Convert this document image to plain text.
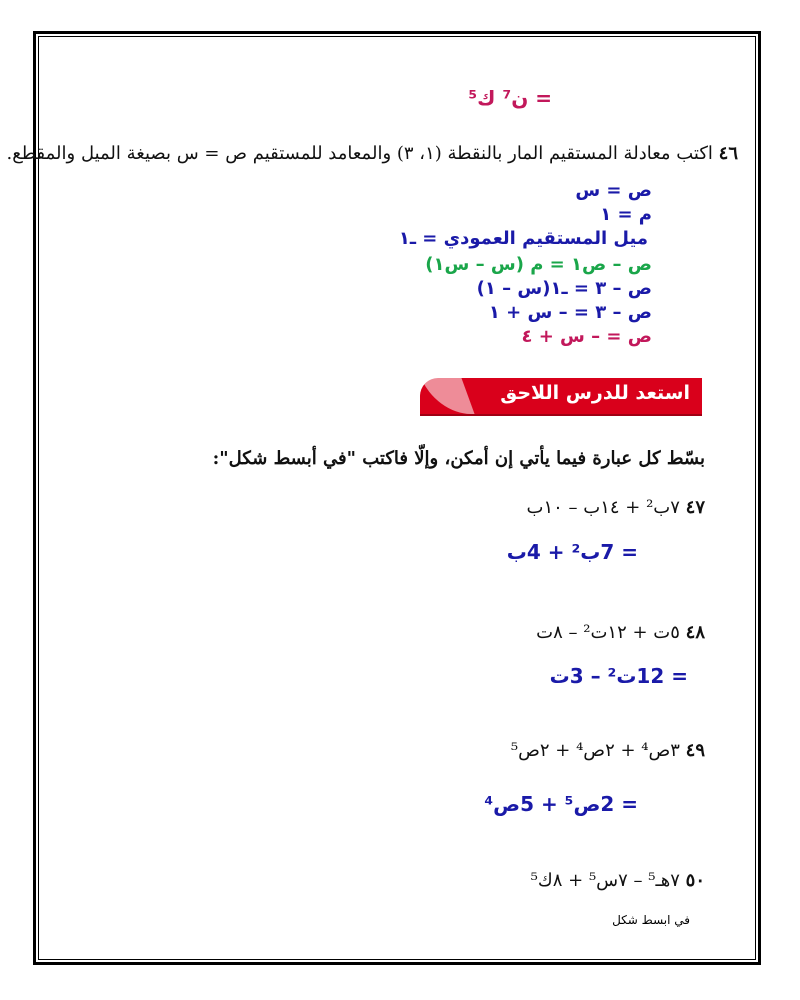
= ن⁷ ك⁵
٤٦ اكتب معادلة المستقيم المار بالنقطة (١، ٣) والمعامد للمستقيم ص = س بصيغة الميل والمقطع.
ص = س
م = ١
ميل المستقيم العمودي = ـ١
ص – ص١ = م (س – س١)
ص – ٣ = ـ١(س – ١)
ص – ٣ = – س + ١
ص = – س + ٤
استعد للدرس اللاحق
بسّط كل عبارة فيما يأتي إن أمكن، وإلّا فاكتب "في أبسط شكل":
٤٧ ٧ب² + ١٤ب – ١٠ب
= 7ب² + 4ب
٤٨ ٥ت + ١٢ت² – ٨ت
= 12ت² – 3ت
٤٩ ٣ص⁴ + ٢ص⁴ + ٢ص⁵
= 2ص⁵ + 5ص⁴
٥٠ ٧هـ⁵ – ٧س⁵ + ٨ك⁵
في ابسط شكل
